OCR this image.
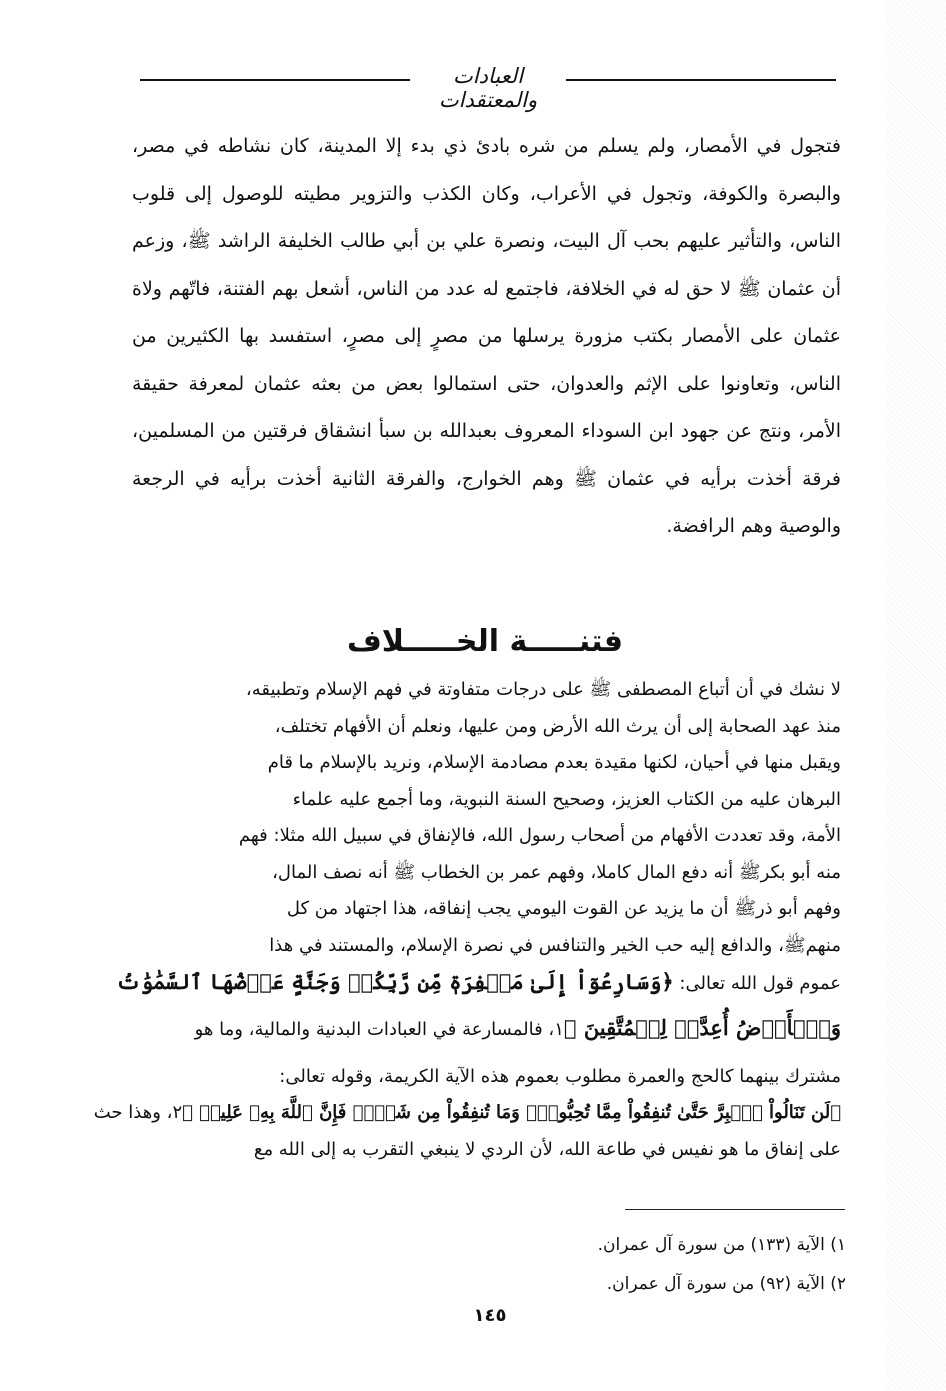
العبادات والمعتقدات
فتجول في الأمصار، ولم يسلم من شره بادئ ذي بدء إلا المدينة، كان نشاطه في مصر، والبصرة والكوفة، وتجول في الأعراب، وكان الكذب والتزوير مطيته للوصول إلى قلوب الناس، والتأثير عليهم بحب آل البيت، ونصرة علي بن أبي طالب الخليفة الراشد ﷺ، وزعم أن عثمان ﷺ لا حق له في الخلافة، فاجتمع له عدد من الناس، أشعل بهم الفتنة، فاتّهم ولاة عثمان على الأمصار بكتب مزورة يرسلها من مصرٍ إلى مصرٍ، استفسد بها الكثيرين من الناس، وتعاونوا على الإثم والعدوان، حتى استمالوا بعض من بعثه عثمان لمعرفة حقيقة الأمر، ونتج عن جهود ابن السوداء المعروف بعبدالله بن سبأ انشقاق فرقتين من المسلمين، فرقة أخذت برأيه في عثمان ﷺ وهم الخوارج، والفرقة الثانية أخذت برأيه في الرجعة والوصية وهم الرافضة.
فتنـــــة الخـــــلاف
لا نشك في أن أتباع المصطفى ﷺ على درجات متفاوتة في فهم الإسلام وتطبيقه،
منذ عهد الصحابة إلى أن يرث الله الأرض ومن عليها، ونعلم أن الأفهام تختلف،
ويقبل منها في أحيان، لكنها مقيدة بعدم مصادمة الإسلام، ونريد بالإسلام ما قام
البرهان عليه من الكتاب العزيز، وصحيح السنة النبوية، وما أجمع عليه علماء
الأمة، وقد تعددت الأفهام من أصحاب رسول الله، فالإنفاق في سبيل الله مثلا: فهم
منه أبو بكرﷺ أنه دفع المال كاملا، وفهم عمر بن الخطاب ﷺ أنه نصف المال،
وفهم أبو ذرﷺ أن ما يزيد عن القوت اليومي يجب إنفاقه، هذا اجتهاد من كل
منهمﷺ، والدافع إليه حب الخير والتنافس في نصرة الإسلام، والمستند في هذا
عموم قول الله تعالى: ﴿وَسَارِعُوٓاْ إِلَىٰ مَغۡفِرَةٖ مِّن رَّبِّكُمۡ وَجَنَّةٍ عَرۡضُهَا ٱلسَّمَٰوَٰتُ
وَٱلۡأَرۡضُ أُعِدَّتۡ لِلۡمُتَّقِينَ ﴾١، فالمسارعة في العبادات البدنية والمالية، وما هو
مشترك بينهما كالحج والعمرة مطلوب بعموم هذه الآية الكريمة، وقوله تعالى:
﴿لَن تَنَالُواْ ٱلۡبِرَّ حَتَّىٰ تُنفِقُواْ مِمَّا تُحِبُّونَۚ وَمَا تُنفِقُواْ مِن شَيۡءٖ فَإِنَّ ٱللَّهَ بِهِۦ عَلِيمٞ ﴾٢، وهذا حث
على إنفاق ما هو نفيس في طاعة الله، لأن الردي لا ينبغي التقرب به إلى الله مع
١) الآية (١٣٣) من سورة آل عمران.
٢) الآية (٩٢) من سورة آل عمران.
١٤٥
